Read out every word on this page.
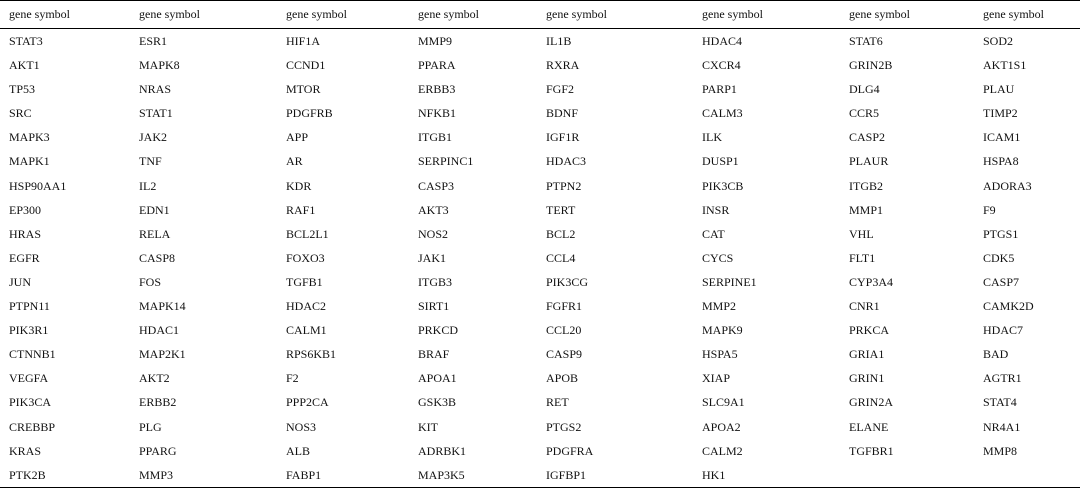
gene symbol	gene symbol	gene symbol	gene symbol	gene symbol	gene symbol	gene symbol	gene symbol
STAT3	ESR1	HIF1A	MMP9	IL1B	HDAC4	STAT6	SOD2
AKT1	MAPK8	CCND1	PPARA	RXRA	CXCR4	GRIN2B	AKT1S1
TP53	NRAS	MTOR	ERBB3	FGF2	PARP1	DLG4	PLAU
SRC	STAT1	PDGFRB	NFKB1	BDNF	CALM3	CCR5	TIMP2
MAPK3	JAK2	APP	ITGB1	IGF1R	ILK	CASP2	ICAM1
MAPK1	TNF	AR	SERPINC1	HDAC3	DUSP1	PLAUR	HSPA8
HSP90AA1	IL2	KDR	CASP3	PTPN2	PIK3CB	ITGB2	ADORA3
EP300	EDN1	RAF1	AKT3	TERT	INSR	MMP1	F9
HRAS	RELA	BCL2L1	NOS2	BCL2	CAT	VHL	PTGS1
EGFR	CASP8	FOXO3	JAK1	CCL4	CYCS	FLT1	CDK5
JUN	FOS	TGFB1	ITGB3	PIK3CG	SERPINE1	CYP3A4	CASP7
PTPN11	MAPK14	HDAC2	SIRT1	FGFR1	MMP2	CNR1	CAMK2D
PIK3R1	HDAC1	CALM1	PRKCD	CCL20	MAPK9	PRKCA	HDAC7
CTNNB1	MAP2K1	RPS6KB1	BRAF	CASP9	HSPA5	GRIA1	BAD
VEGFA	AKT2	F2	APOA1	APOB	XIAP	GRIN1	AGTR1
PIK3CA	ERBB2	PPP2CA	GSK3B	RET	SLC9A1	GRIN2A	STAT4
CREBBP	PLG	NOS3	KIT	PTGS2	APOA2	ELANE	NR4A1
KRAS	PPARG	ALB	ADRBK1	PDGFRA	CALM2	TGFBR1	MMP8
PTK2B	MMP3	FABP1	MAP3K5	IGFBP1	HK1		
